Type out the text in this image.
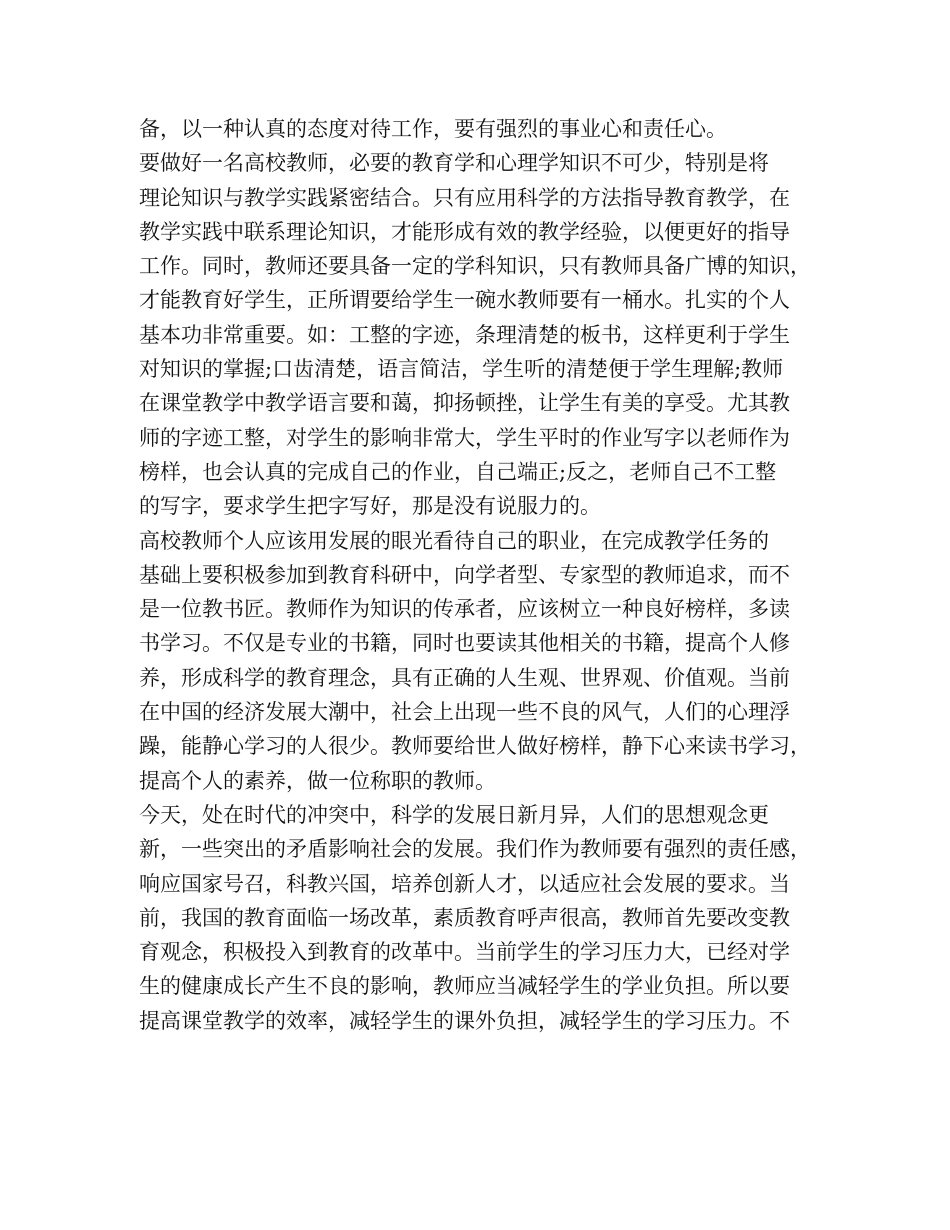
备，以一种认真的态度对待工作，要有强烈的事业心和责任心。
要做好一名高校教师，必要的教育学和心理学知识不可少，特别是将
理论知识与教学实践紧密结合。只有应用科学的方法指导教育教学，在
教学实践中联系理论知识，才能形成有效的教学经验，以便更好的指导
工作。同时，教师还要具备一定的学科知识，只有教师具备广博的知识，
才能教育好学生，正所谓要给学生一碗水教师要有一桶水。扎实的个人
基本功非常重要。如：工整的字迹，条理清楚的板书，这样更利于学生
对知识的掌握;口齿清楚，语言简洁，学生听的清楚便于学生理解;教师
在课堂教学中教学语言要和蔼，抑扬顿挫，让学生有美的享受。尤其教
师的字迹工整，对学生的影响非常大，学生平时的作业写字以老师作为
榜样，也会认真的完成自己的作业，自己端正;反之，老师自己不工整
的写字，要求学生把字写好，那是没有说服力的。
高校教师个人应该用发展的眼光看待自己的职业，在完成教学任务的
基础上要积极参加到教育科研中，向学者型、专家型的教师追求，而不
是一位教书匠。教师作为知识的传承者，应该树立一种良好榜样，多读
书学习。不仅是专业的书籍，同时也要读其他相关的书籍，提高个人修
养，形成科学的教育理念，具有正确的人生观、世界观、价值观。当前
在中国的经济发展大潮中，社会上出现一些不良的风气，人们的心理浮
躁，能静心学习的人很少。教师要给世人做好榜样，静下心来读书学习，
提高个人的素养，做一位称职的教师。
今天，处在时代的冲突中，科学的发展日新月异，人们的思想观念更
新，一些突出的矛盾影响社会的发展。我们作为教师要有强烈的责任感，
响应国家号召，科教兴国，培养创新人才，以适应社会发展的要求。当
前，我国的教育面临一场改革，素质教育呼声很高，教师首先要改变教
育观念，积极投入到教育的改革中。当前学生的学习压力大，已经对学
生的健康成长产生不良的影响，教师应当减轻学生的学业负担。所以要
提高课堂教学的效率，减轻学生的课外负担，减轻学生的学习压力。不
